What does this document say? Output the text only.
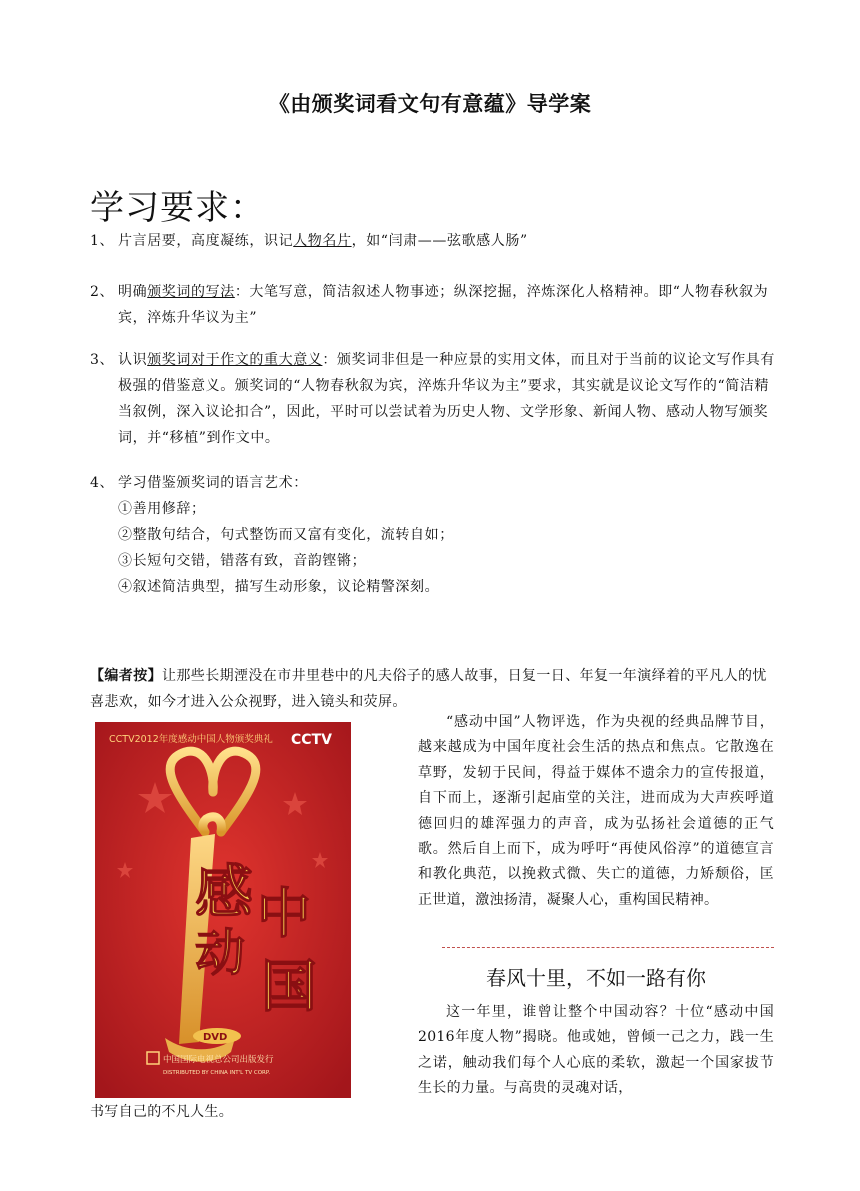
《由颁奖词看文句有意蕴》导学案
学习要求：
1、 片言居要，高度凝练，识记人物名片，如“闫肃——弦歌感人肠”
2、 明确颁奖词的写法：大笔写意，简洁叙述人物事迹；纵深挖掘，淬炼深化人格精神。即“人物春秋叙为宾，淬炼升华议为主”
3、 认识颁奖词对于作文的重大意义：颁奖词非但是一种应景的实用文体，而且对于当前的议论文写作具有极强的借鉴意义。颁奖词的“人物春秋叙为宾，淬炼升华议为主”要求，其实就是议论文写作的“简洁精当叙例，深入议论扣合”，因此，平时可以尝试着为历史人物、文学形象、新闻人物、感动人物写颁奖词，并“移植”到作文中。
4、 学习借鉴颁奖词的语言艺术：
①善用修辞；
②整散句结合，句式整饬而又富有变化，流转自如；
③长短句交错，错落有致，音韵铿锵；
④叙述简洁典型，描写生动形象，议论精警深刻。
【编者按】让那些长期湮没在市井里巷中的凡夫俗子的感人故事，日复一日、年复一年演绎着的平凡人的忧喜悲欢，如今才进入公众视野，进入镜头和荧屏。
CCTV2012年度感动中国人物颁奖典礼 CCTV
感
动
中
国
DVD
中国国际电视总公司出版发行
DISTRIBUTED BY CHINA INT'L TV CORP.
“感动中国”人物评选，作为央视的经典品牌节目，越来越成为中国年度社会生活的热点和焦点。它散逸在草野，发轫于民间，得益于媒体不遗余力的宣传报道，自下而上，逐渐引起庙堂的关注，进而成为大声疾呼道德回归的雄浑强力的声音，成为弘扬社会道德的正气歌。然后自上而下，成为呼吁“再使风俗淳”的道德宣言和教化典范，以挽救式微、失亡的道德，力矫颓俗，匡正世道，激浊扬清，凝聚人心，重构国民精神。
春风十里，不如一路有你
这一年里，谁曾让整个中国动容？十位“感动中国2016年度人物”揭晓。他或她，曾倾一己之力，践一生之诺，触动我们每个人心底的柔软，激起一个国家拔节生长的力量。与高贵的灵魂对话，
书写自己的不凡人生。
